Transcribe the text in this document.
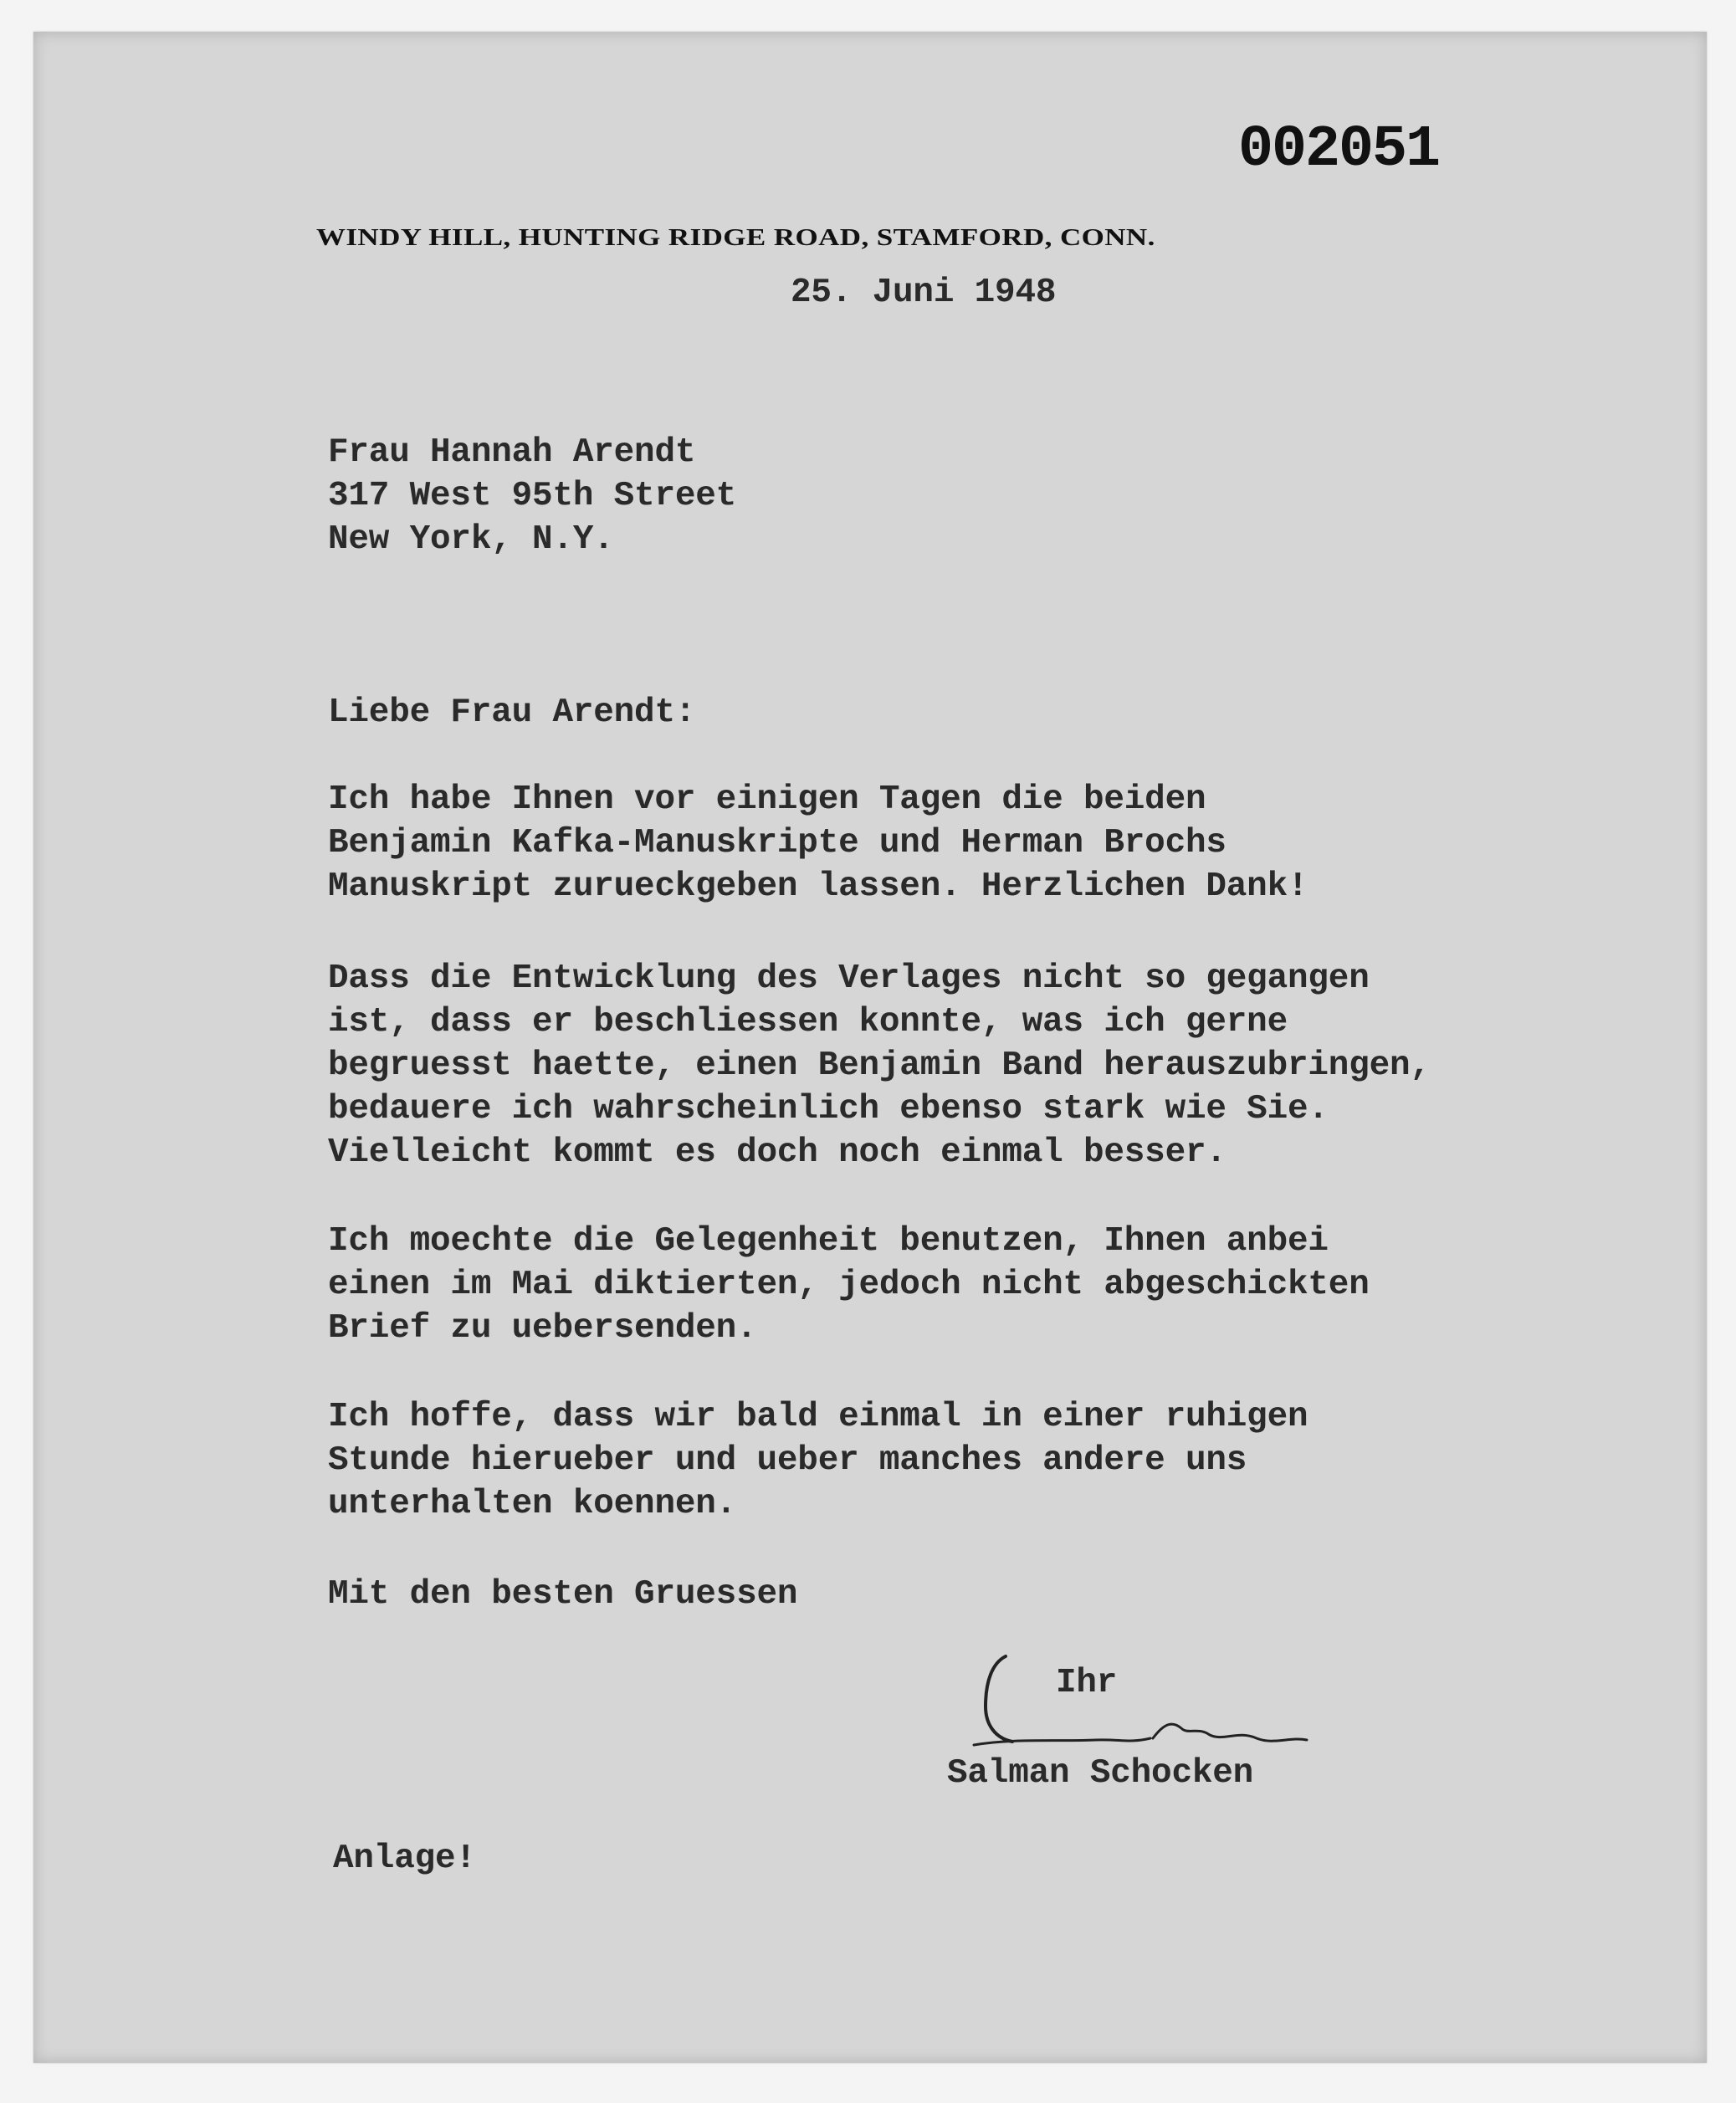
002051
WINDY HILL, HUNTING RIDGE ROAD, STAMFORD, CONN.
25. Juni 1948
Frau Hannah Arendt
317 West 95th Street
New York, N.Y.
Liebe Frau Arendt:
Ich habe Ihnen vor einigen Tagen die beiden
Benjamin Kafka-Manuskripte und Herman Brochs
Manuskript zurueckgeben lassen. Herzlichen Dank!
Dass die Entwicklung des Verlages nicht so gegangen
ist, dass er beschliessen konnte, was ich gerne
begruesst haette, einen Benjamin Band herauszubringen,
bedauere ich wahrscheinlich ebenso stark wie Sie.
Vielleicht kommt es doch noch einmal besser.
Ich moechte die Gelegenheit benutzen, Ihnen anbei
einen im Mai diktierten, jedoch nicht abgeschickten
Brief zu uebersenden.
Ich hoffe, dass wir bald einmal in einer ruhigen
Stunde hierueber und ueber manches andere uns
unterhalten koennen.
Mit den besten Gruessen
Ihr
Salman Schocken
Anlage!
